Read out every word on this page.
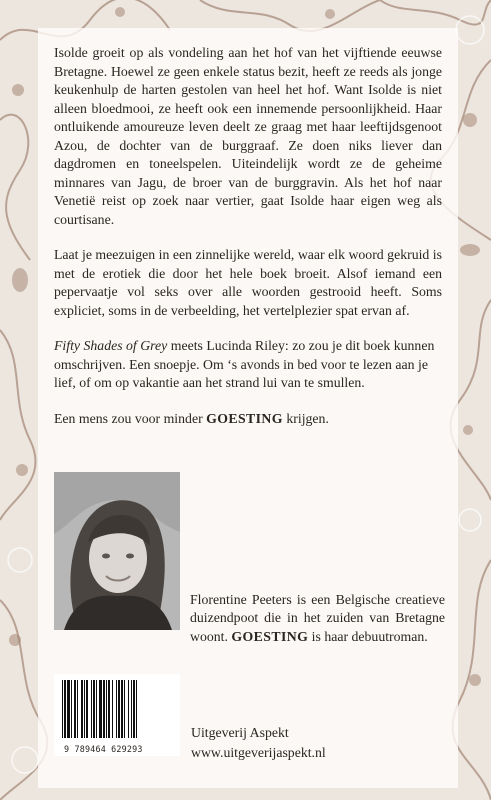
Isolde groeit op als vondeling aan het hof van het vijftiende eeuwse Bretagne. Hoewel ze geen enkele status bezit, heeft ze reeds als jonge keukenhulp de harten gestolen van heel het hof. Want Isolde is niet alleen bloedmooi, ze heeft ook een innemende persoonlijkheid. Haar ontluikende amoureuze leven deelt ze graag met haar leeftijdsgenoot Azou, de dochter van de burggraaf. Ze doen niks liever dan dagdromen en toneelspelen. Uiteindelijk wordt ze de geheime minnares van Jagu, de broer van de burggravin. Als het hof naar Venetië reist op zoek naar vertier, gaat Isolde haar eigen weg als courtisane.

Laat je meezuigen in een zinnelijke wereld, waar elk woord gekruid is met de erotiek die door het hele boek broeit. Alsof iemand een pepervaatje vol seks over alle woorden gestrooid heeft. Soms expliciet, soms in de verbeelding, het vertelplezier spat ervan af.

Fifty Shades of Grey meets Lucinda Riley: zo zou je dit boek kunnen omschrijven. Een snoepje. Om ‘s avonds in bed voor te lezen aan je lief, of om op vakantie aan het strand lui van te smullen.

Een mens zou voor minder GOESTING krijgen.

Florentine Peeters is een Belgische creatieve duizendpoot die in het zuiden van Bretagne woont. GOESTING is haar debuutroman.

9 789464 629293
Uitgeverij Aspekt
www.uitgeverijaspekt.nl
